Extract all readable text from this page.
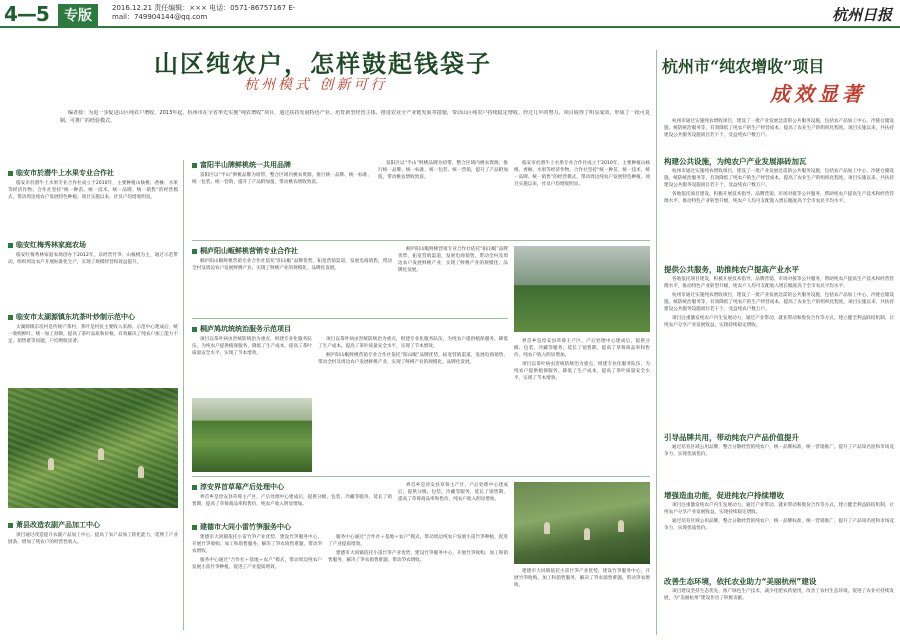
4—5	专版	2016.12.21 责任编辑：××× 电话：0571-86757167 E-mail：749904144@qq.com	杭州日报
山区纯农户，怎样鼓起钱袋子
杭州模式 创新可行
杭州市“纯农增收”项目
成效显著

编者按：为进一步促进山区纯农户增收，2013年起，杭州市在全省率先实施“纯农增收”项目，通过扶持发展特色产业、培育新型经营主体、推进农业全产业链发展等措施，带动山区纯农户持续稳定增收。经过几年的努力，项目取得了明显成效，形成了一批可复制、可推广的经验模式。

临安市於潜牛上水果专业合作社

临安市於潜牛上水果专业合作社成立于2010年，主要种植山核桃、香榧、水果等经济作物。合作社坚持“统一种苗、统一技术、统一品牌、统一销售”的经营模式，带动周边纯农户发展特色种植。项目实施以来，社员户均增收明显。

临安红梅秀林家庭农场

临安红梅秀林家庭农场创办于2012年，以经营竹笋、山核桃为主，通过示范带动，组织周边农户开展标准化生产，实现了规模经营和效益提升。

临安市太湖源镇东坑茶叶炒制示范中心

太湖源镇东坑村是传统产茶村，茶叶是村民主要收入来源。示范中心建成后，统一收购鲜叶、统一加工炒制，提高了茶叶品质和价格，有效解决了纯农户加工能力不足、销售难等问题，户均增收显著。

萧县改造农副产品加工中心

项目通过改造提升农副产品加工中心，提高了农产品加工转化能力，延伸了产业链条，增加了纯农户的经营性收入。

富阳半山牌鲜桃统一共用品牌

富阳区以“半山”鲜桃品牌为纽带，整合区域内桃农资源，推行统一品牌、统一标准、统一包装、统一营销，提升了产品附加值，带动桃农增收致富。

富阳区以“半山”鲜桃品牌为纽带，整合区域内桃农资源，推行统一品牌、统一标准、统一包装、统一营销，提升了产品附加值，带动桃农增收致富。

临安市於潜牛上水果专业合作社成立于2010年，主要种植山核桃、香榧、水果等经济作物。合作社坚持“统一种苗、统一技术、统一品牌、统一销售”的经营模式，带动周边纯农户发展特色种植。项目实施以来，社员户均增收明显。

桐庐阳山畈鲜桃营销专业合作社

桐庐阳山畈鲜桃营销专业合作社依托“阳山畈”品牌优势，拓宽营销渠道，发展电商销售，带动全村及周边农户发展鲜桃产业，实现了鲜桃产业的规模化、品牌化发展。

桐庐阳山畈鲜桃营销专业合作社依托“阳山畈”品牌优势，拓宽营销渠道，发展电商销售，带动全村及周边农户发展鲜桃产业，实现了鲜桃产业的规模化、品牌化发展。

桐庐鸠坑统统治服务示范项目

项目以茶叶病虫害统防统治为重点，组建专业化服务队伍，为纯农户提供植保服务，降低了生产成本，提高了茶叶质量安全水平，实现了节本增效。

项目以茶叶病虫害统防统治为重点，组建专业化服务队伍，为纯农户提供植保服务，降低了生产成本，提高了茶叶质量安全水平，实现了节本增效。

桐庐阳山畈鲜桃营销专业合作社依托“阳山畈”品牌优势，拓宽营销渠道，发展电商销售，带动全村及周边农户发展鲜桃产业，实现了鲜桃产业的规模化、品牌化发展。

界首乡是淳安县草莓主产区，产后处理中心建成后，提供分级、包装、冷藏等服务，延长了销售期，提高了草莓商品率和售价，纯农户收入明显增加。

项目以茶叶病虫害统防统治为重点，组建专业化服务队伍，为纯农户提供植保服务，降低了生产成本，提高了茶叶质量安全水平，实现了节本增效。

淳安界首草莓产后处理中心

界首乡是淳安县草莓主产区，产后处理中心建成后，提供分级、包装、冷藏等服务，延长了销售期，提高了草莓商品率和售价，纯农户收入明显增加。

界首乡是淳安县草莓主产区，产后处理中心建成后，提供分级、包装、冷藏等服务，延长了销售期，提高了草莓商品率和售价，纯农户收入明显增加。

建德市大同小雷竹笋服务中心

建德市大同镇依托小雷竹笋产业优势，建设竹笋服务中心，开展竹笋收购、加工和销售服务，解决了笋农销售难题，带动笋农增收。

服务中心通过“合作社＋基地＋农户”模式，带动周边纯农户发展小雷竹笋种植，促进了产业提质增效。

服务中心通过“合作社＋基地＋农户”模式，带动周边纯农户发展小雷竹笋种植，促进了产业提质增效。

建德市大同镇依托小雷竹笋产业优势，建设竹笋服务中心，开展竹笋收购、加工和销售服务，解决了笋农销售难题，带动笋农增收。

建德市大同镇依托小雷竹笋产业优势，建设竹笋服务中心，开展竹笋收购、加工和销售服务，解决了笋农销售难题，带动笋农增收。

杭州市通过实施纯农增收项目，建设了一批产业发展急需的公共服务设施，包括农产品加工中心、冷链仓储设施、统防统治服务等，有效降低了纯农户的生产经营成本，提高了农业生产的组织化程度。项目实施以来，共扶持建设公共服务设施项目若干个，受益纯农户数万户。

构建公共设施，为纯农户产业发展添砖加瓦

杭州市通过实施纯农增收项目，建设了一批产业发展急需的公共服务设施，包括农产品加工中心、冷链仓储设施、统防统治服务等，有效降低了纯农户的生产经营成本，提高了农业生产的组织化程度。项目实施以来，共扶持建设公共服务设施项目若干个，受益纯农户数万户。

各地依托项目建设，积极开展技术指导、品牌营销、市场对接等公共服务，帮助纯农户提高生产技术和经营管理水平，推动特色产业转型升级，纯农户人均可支配收入增长幅度高于全市农民平均水平。

提供公共服务，助推纯农户提高产业水平

各地依托项目建设，积极开展技术指导、品牌营销、市场对接等公共服务，帮助纯农户提高生产技术和经营管理水平，推动特色产业转型升级，纯农户人均可支配收入增长幅度高于全市农民平均水平。

杭州市通过实施纯农增收项目，建设了一批产业发展急需的公共服务设施，包括农产品加工中心、冷链仓储设施、统防统治服务等，有效降低了纯农户的生产经营成本，提高了农业生产的组织化程度。项目实施以来，共扶持建设公共服务设施项目若干个，受益纯农户数万户。

项目注重激发纯农户内生发展动力，通过产业带动、就业带动和股份合作等方式，建立健全利益联结机制，让纯农户分享产业发展收益，实现持续稳定增收。

引导品牌共用，带动纯农户产品价值提升

通过培育区域公用品牌，整合分散经营的纯农户，统一品牌标准，统一营销推广，提升了产品知名度和市场竞争力，实现优质优价。

增强造血功能，促进纯农户持续增收

项目注重激发纯农户内生发展动力，通过产业带动、就业带动和股份合作等方式，建立健全利益联结机制，让纯农户分享产业发展收益，实现持续稳定增收。

通过培育区域公用品牌，整合分散经营的纯农户，统一品牌标准，统一营销推广，提升了产品知名度和市场竞争力，实现优质优价。

改善生态环境，依托农业助力“美丽杭州”建设

项目建设坚持生态优先，推广绿色生产技术，减少化肥农药使用，改善了农村生态环境，促进了农业可持续发展，为“美丽杭州”建设作出了积极贡献。
